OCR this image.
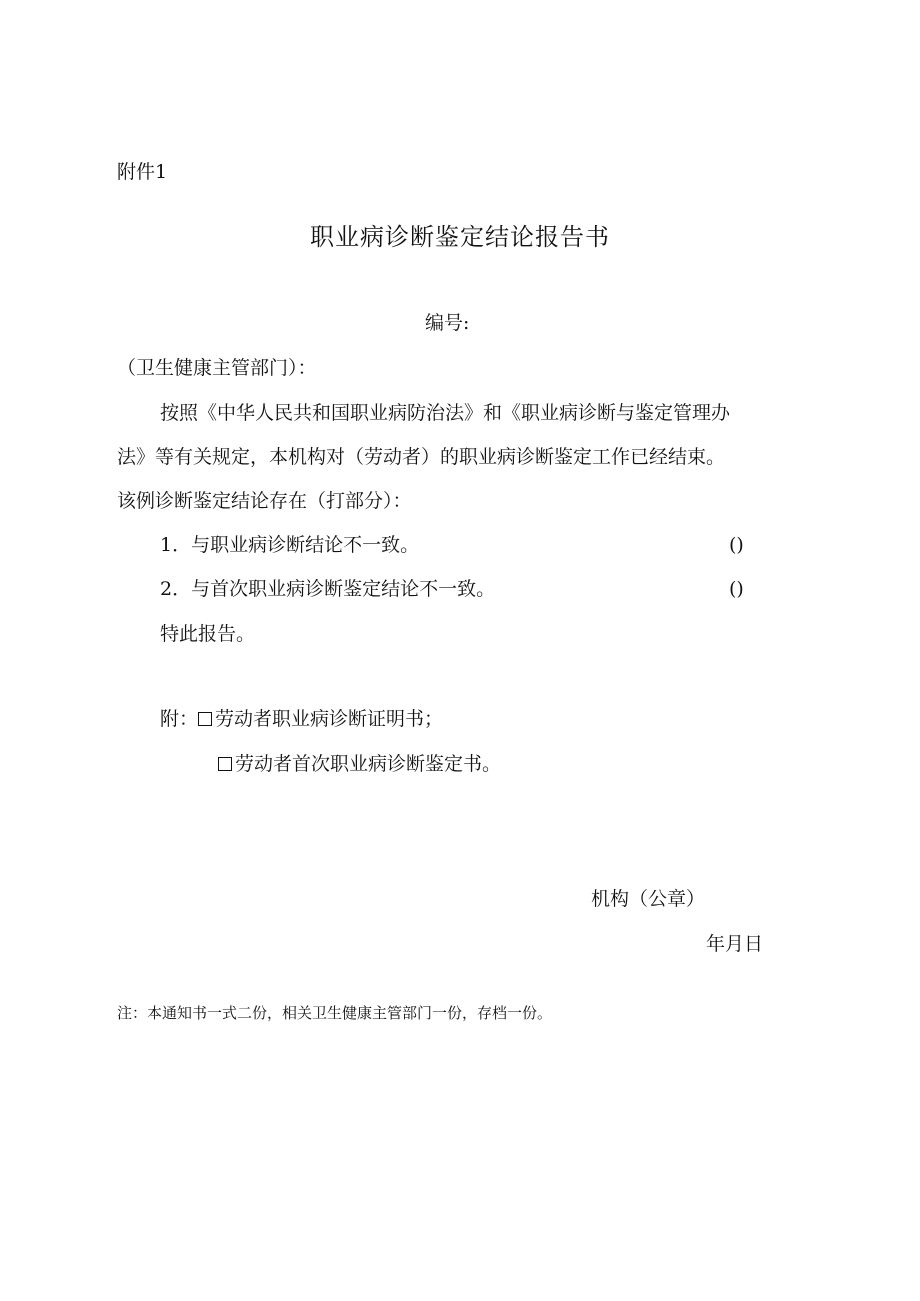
附件1
职业病诊断鉴定结论报告书
编号:
（卫生健康主管部门）：
按照《中华人民共和国职业病防治法》和《职业病诊断与鉴定管理办
法》等有关规定，本机构对（劳动者）的职业病诊断鉴定工作已经结束。
该例诊断鉴定结论存在（打部分）：
1．与职业病诊断结论不一致。	()
2．与首次职业病诊断鉴定结论不一致。	()
特此报告。
附： 劳动者职业病诊断证明书；
劳动者首次职业病诊断鉴定书。
机构（公章）
年月日
注：本通知书一式二份，相关卫生健康主管部门一份，存档一份。
